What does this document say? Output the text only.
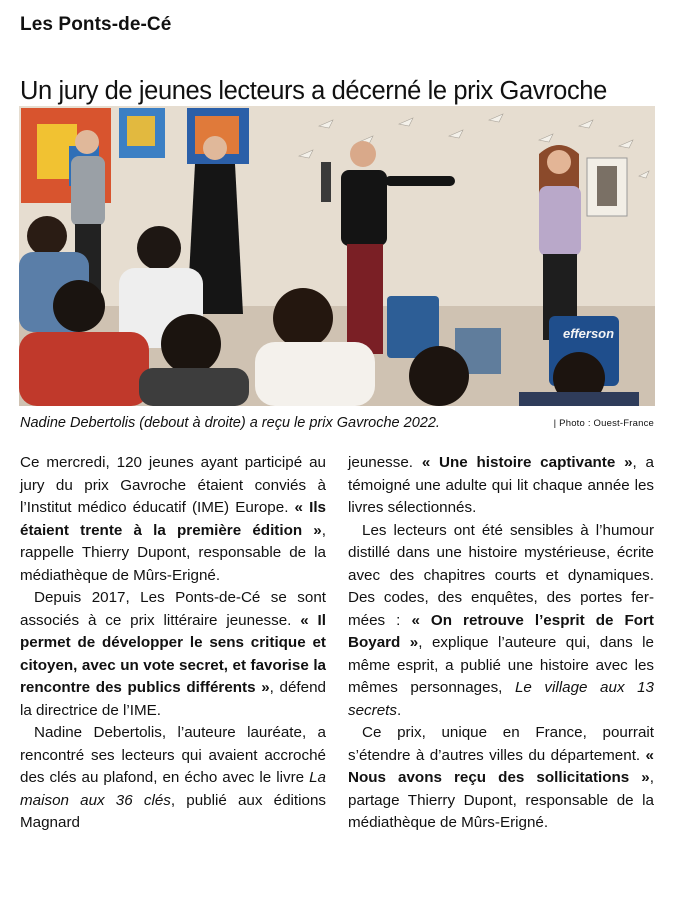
Les Ponts-de-Cé
Un jury de jeunes lecteurs a décerné le prix Gavroche
efferson
Nadine Debertolis (debout à droite) a reçu le prix Gavroche 2022.	| Photo : Ouest-France

Ce mercredi, 120 jeunes ayant participé au jury du prix Gavroche étaient conviés à l’Institut médico éducatif (IME) Europe. « Ils étaient trente à la première édition », rappelle Thierry Dupont, responsable de la médiathèque de Mûrs-Erigné.

Depuis 2017, Les Ponts-de-Cé se sont associés à ce prix littéraire jeunesse. « Il permet de développer le sens critique et citoyen, avec un vote secret, et favorise la rencontre des publics différents », défend la directrice de l’IME.

Nadine Debertolis, l’auteure lauréate, a rencontré ses lecteurs qui avaient accroché des clés au plafond, en écho avec le livre La maison aux 36 clés, publié aux éditions Magnard

jeunesse. « Une histoire captivante », a témoigné une adulte qui lit chaque année les livres sélectionnés.

Les lecteurs ont été sensibles à l’humour distillé dans une histoire mystérieuse, écrite avec des chapitres courts et dynamiques. Des codes, des enquêtes, des portes fermées : « On retrouve l’esprit de Fort Boyard », explique l’auteure qui, dans le même esprit, a publié une histoire avec les mêmes personnages, Le village aux 13 secrets.

Ce prix, unique en France, pourrait s’étendre à d’autres villes du département. « Nous avons reçu des sollicitations », partage Thierry Dupont, responsable de la médiathèque de Mûrs-Erigné.
